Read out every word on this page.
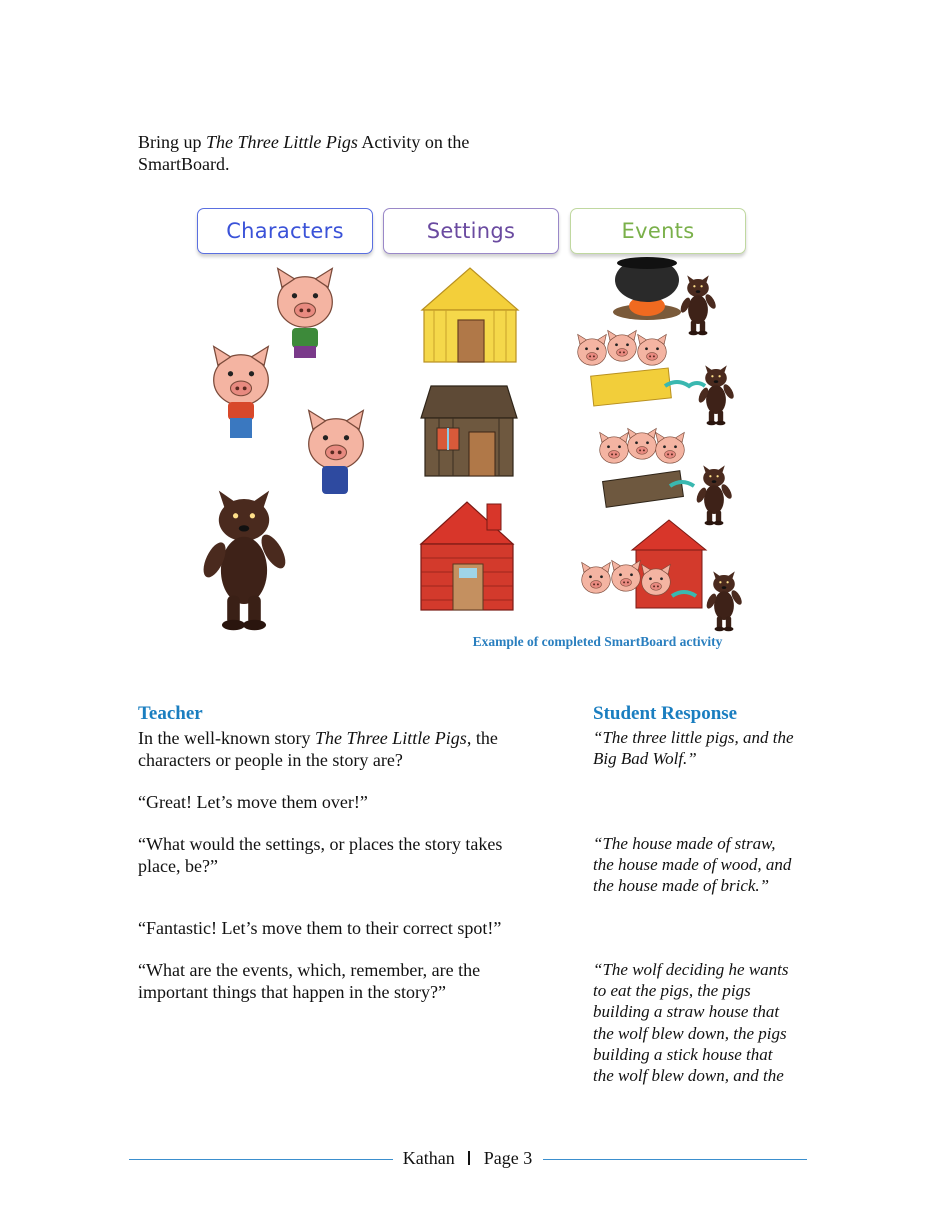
Bring up The Three Little Pigs Activity on the
SmartBoard.
Characters	Settings	Events
Example of completed SmartBoard activity
Teacher
In the well-known story The Three Little Pigs, the
characters or people in the story are?
“Great! Let’s move them over!”
“What would the settings, or places the story takes
place, be?”
“Fantastic! Let’s move them to their correct spot!”
“What are the events, which, remember, are the
important things that happen in the story?”
Student Response
“The three little pigs, and the
Big Bad Wolf.”
“The house made of straw,
the house made of wood, and
the house made of brick.”
“The wolf deciding he wants
to eat the pigs, the pigs
building a straw house that
the wolf blew down, the pigs
building a stick house that
the wolf blew down, and the
Kathan Page 3
